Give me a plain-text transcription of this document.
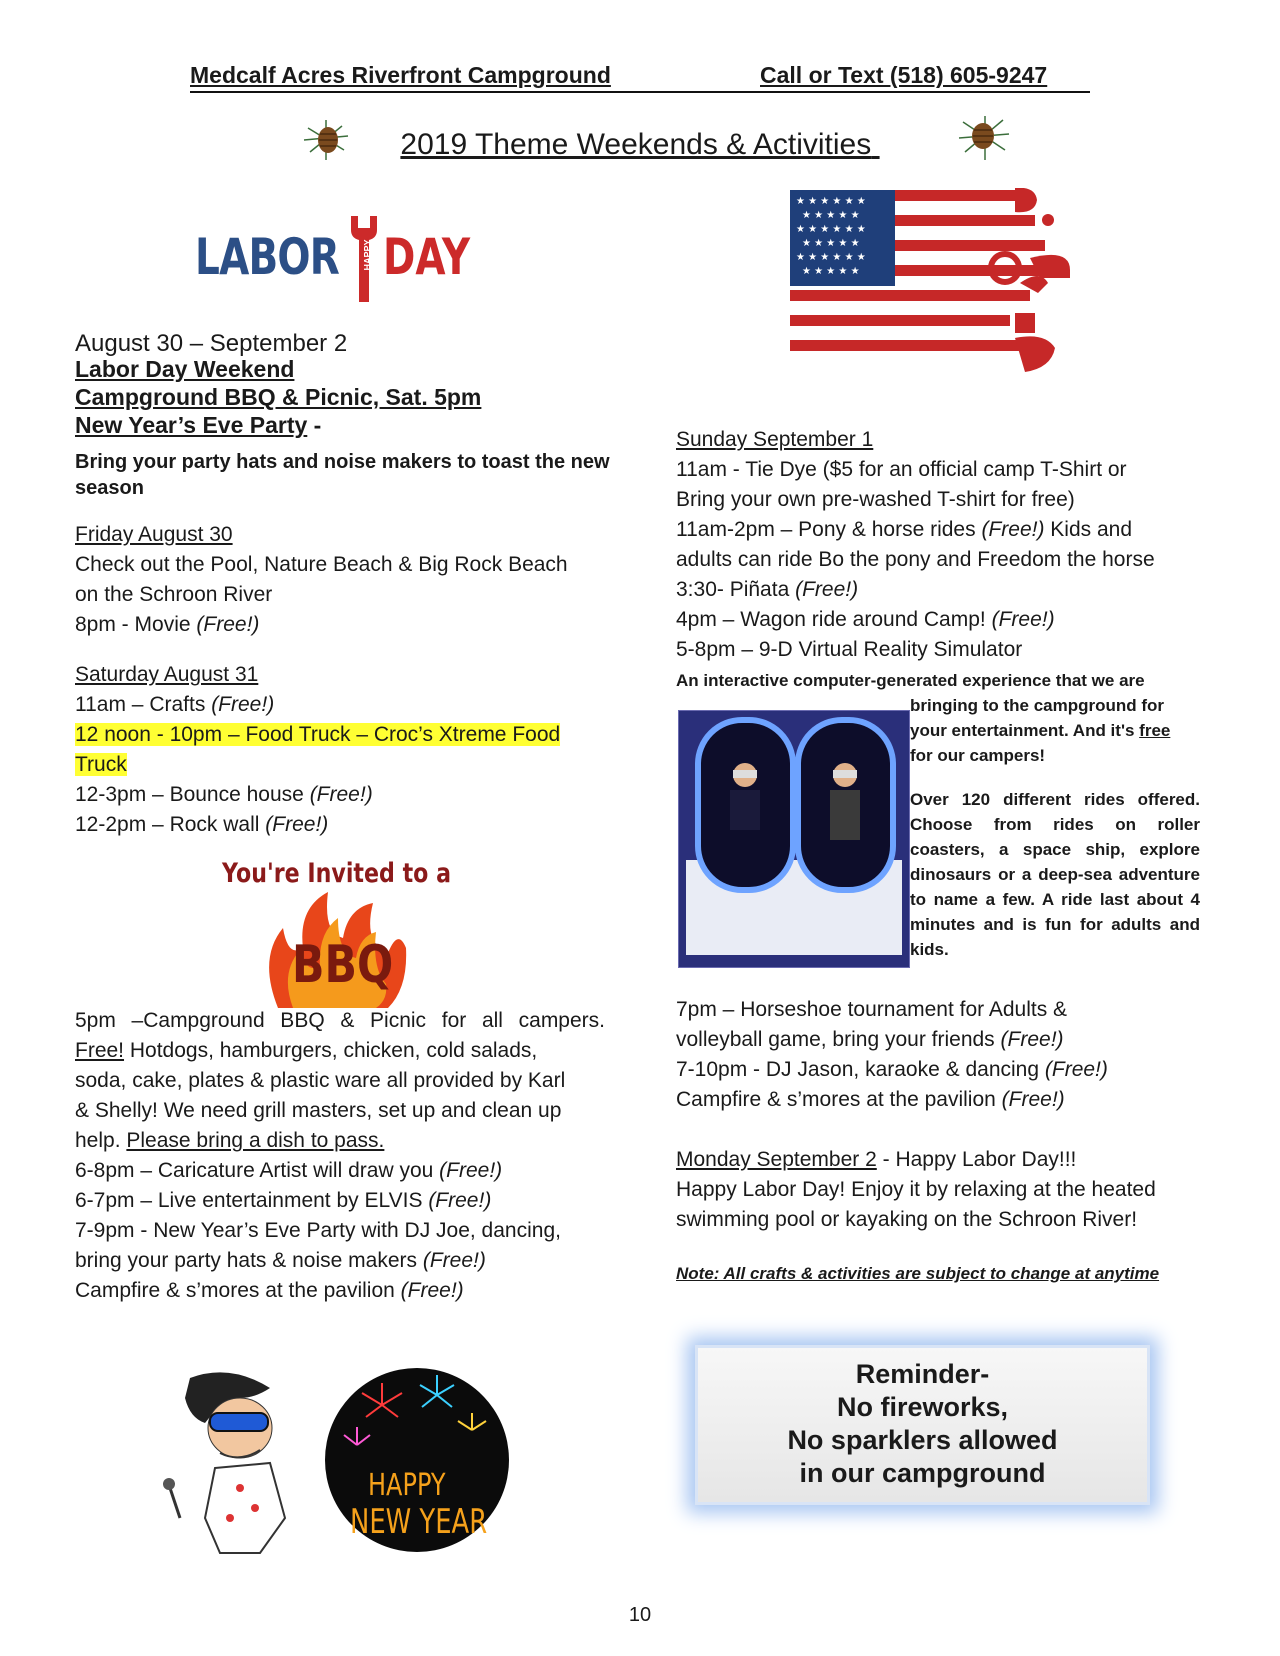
Medcalf Acres Riverfront Campground	Call or Text (518) 605-9247
2019 Theme Weekends & Activities
LABOR	HAPPY DAY
★ ★ ★ ★ ★ ★
★ ★ ★ ★ ★
★ ★ ★ ★ ★ ★
★ ★ ★ ★ ★
★ ★ ★ ★ ★ ★
★ ★ ★ ★ ★
August 30 – September 2
Labor Day Weekend
Campground BBQ & Picnic, Sat. 5pm
New Year’s Eve Party -
Bring your party hats and noise makers to toast the new season
Friday August 30
Check out the Pool, Nature Beach & Big Rock Beach
on the Schroon River
8pm - Movie (Free!)
Saturday August 31
11am – Crafts (Free!)
12 noon - 10pm – Food Truck – Croc’s Xtreme Food
Truck
12-3pm – Bounce house (Free!)
12-2pm – Rock wall (Free!)
You're Invited to a
BBQ
5pm –Campground BBQ & Picnic for all campers.
Free! Hotdogs, hamburgers, chicken, cold salads,
soda, cake, plates & plastic ware all provided by Karl
& Shelly! We need grill masters, set up and clean up
help. Please bring a dish to pass.
6-8pm – Caricature Artist will draw you (Free!)
6-7pm – Live entertainment by ELVIS (Free!)
7-9pm - New Year’s Eve Party with DJ Joe, dancing,
bring your party hats & noise makers (Free!)
Campfire & s’mores at the pavilion (Free!)
HAPPY
NEW YEAR
Sunday September 1
11am - Tie Dye ($5 for an official camp T-Shirt or
Bring your own pre-washed T-shirt for free)
11am-2pm – Pony & horse rides (Free!) Kids and
adults can ride Bo the pony and Freedom the horse
3:30- Piñata (Free!)
4pm – Wagon ride around Camp! (Free!)
5-8pm – 9-D Virtual Reality Simulator
An interactive computer-generated experience that we are
bringing to the campground for
your entertainment. And it's free
for our campers!
Over 120 different rides offered. Choose from rides on roller coasters, a space ship, explore dinosaurs or a deep-sea adventure to name a few. A ride last about 4 minutes and is fun for adults and kids.
7pm – Horseshoe tournament for Adults &
volleyball game, bring your friends (Free!)
7-10pm - DJ Jason, karaoke & dancing (Free!)
Campfire & s’mores at the pavilion (Free!)
Monday September 2 - Happy Labor Day!!!
Happy Labor Day! Enjoy it by relaxing at the heated
swimming pool or kayaking on the Schroon River!
Note: All crafts & activities are subject to change at anytime
Reminder-
No fireworks,
No sparklers allowed
in our campground
10
